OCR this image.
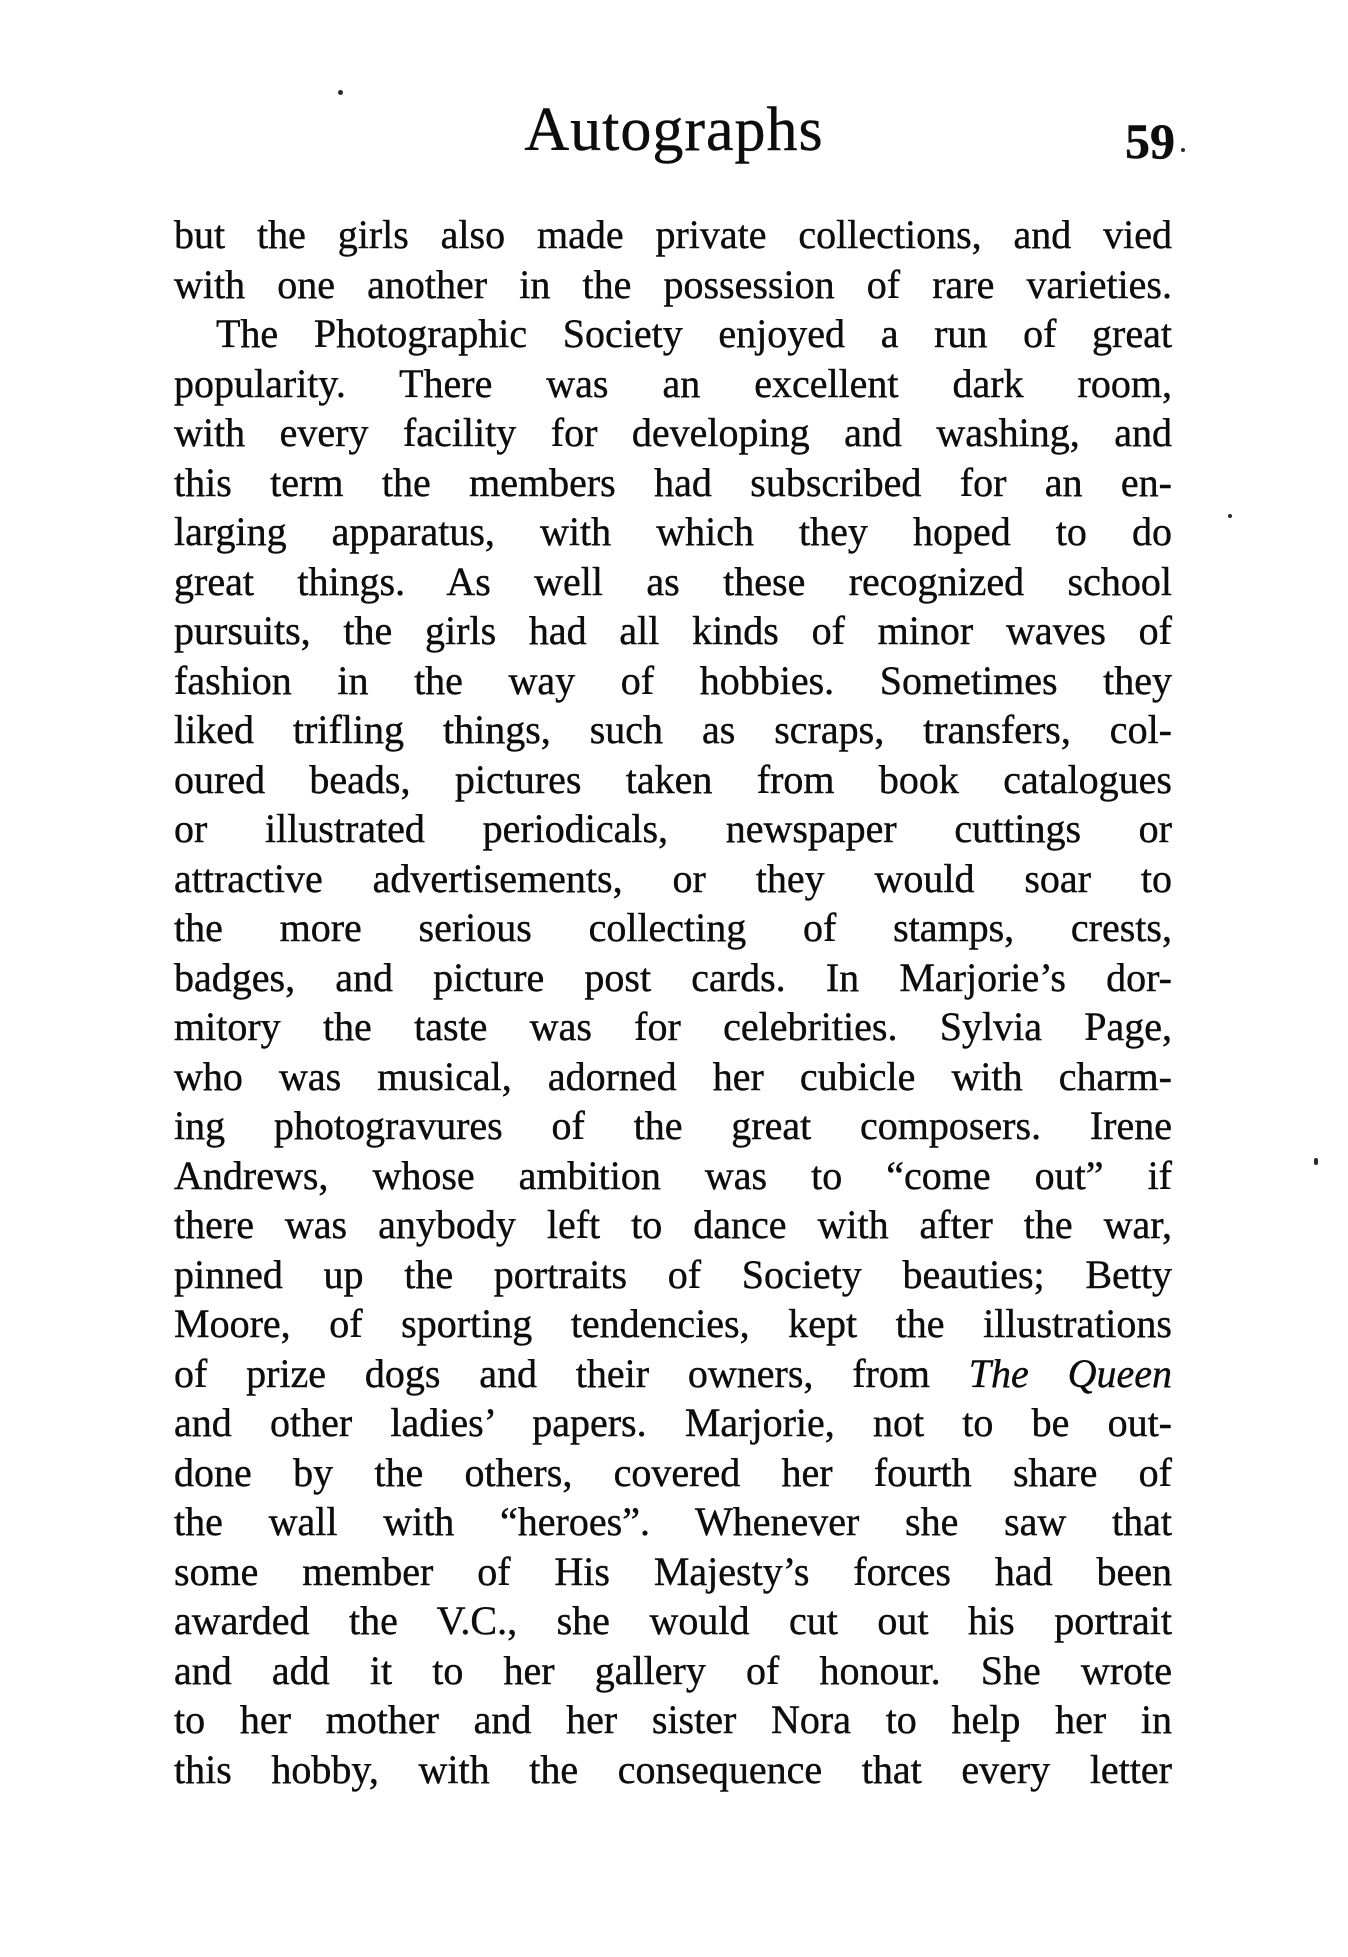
Autographs	59
but the girls also made private collections, and vied
with one another in the possession of rare varieties.
The Photographic Society enjoyed a run of great
popularity. There was an excellent dark room,
with every facility for developing and washing, and
this term the members had subscribed for an en-
larging apparatus, with which they hoped to do
great things. As well as these recognized school
pursuits, the girls had all kinds of minor waves of
fashion in the way of hobbies. Sometimes they
liked trifling things, such as scraps, transfers, col-
oured beads, pictures taken from book catalogues
or illustrated periodicals, newspaper cuttings or
attractive advertisements, or they would soar to
the more serious collecting of stamps, crests,
badges, and picture post cards. In Marjorie’s dor-
mitory the taste was for celebrities. Sylvia Page,
who was musical, adorned her cubicle with charm-
ing photogravures of the great composers. Irene
Andrews, whose ambition was to “come out” if
there was anybody left to dance with after the war,
pinned up the portraits of Society beauties; Betty
Moore, of sporting tendencies, kept the illustrations
of prize dogs and their owners, from The Queen
and other ladies’ papers. Marjorie, not to be out-
done by the others, covered her fourth share of
the wall with “heroes”. Whenever she saw that
some member of His Majesty’s forces had been
awarded the V.C., she would cut out his portrait
and add it to her gallery of honour. She wrote
to her mother and her sister Nora to help her in
this hobby, with the consequence that every letter
